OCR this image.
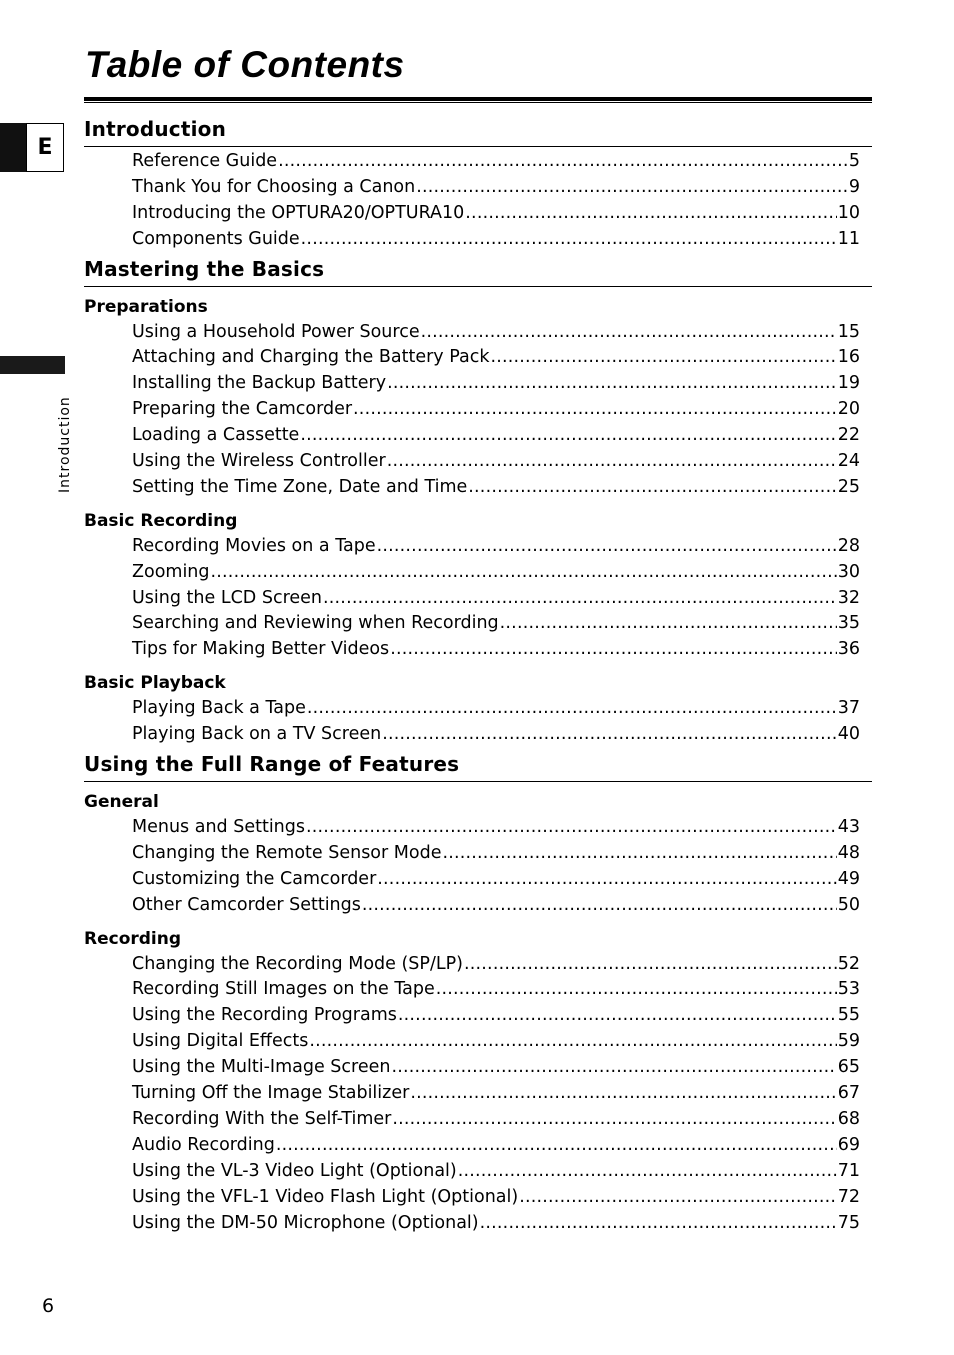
Table of Contents
E
Introduction
Introduction
Reference Guide .....	5
Thank You for Choosing a Canon .....	9
Introducing the OPTURA20/OPTURA10 .....	10
Components Guide .....	11
Mastering the Basics
Preparations
Using a Household Power Source .....	15
Attaching and Charging the Battery Pack .....	16
Installing the Backup Battery .....	19
Preparing the Camcorder .....	20
Loading a Cassette .....	22
Using the Wireless Controller .....	24
Setting the Time Zone, Date and Time .....	25
Basic Recording
Recording Movies on a Tape .....	28
Zooming .....	30
Using the LCD Screen .....	32
Searching and Reviewing when Recording .....	35
Tips for Making Better Videos .....	36
Basic Playback
Playing Back a Tape .....	37
Playing Back on a TV Screen .....	40
Using the Full Range of Features
General
Menus and Settings .....	43
Changing the Remote Sensor Mode .....	48
Customizing the Camcorder .....	49
Other Camcorder Settings .....	50
Recording
Changing the Recording Mode (SP/LP) .....	52
Recording Still Images on the Tape .....	53
Using the Recording Programs .....	55
Using Digital Effects .....	59
Using the Multi-Image Screen .....	65
Turning Off the Image Stabilizer .....	67
Recording With the Self-Timer .....	68
Audio Recording .....	69
Using the VL-3 Video Light (Optional) .....	71
Using the VFL-1 Video Flash Light (Optional) .....	72
Using the DM-50 Microphone (Optional) .....	75
6
